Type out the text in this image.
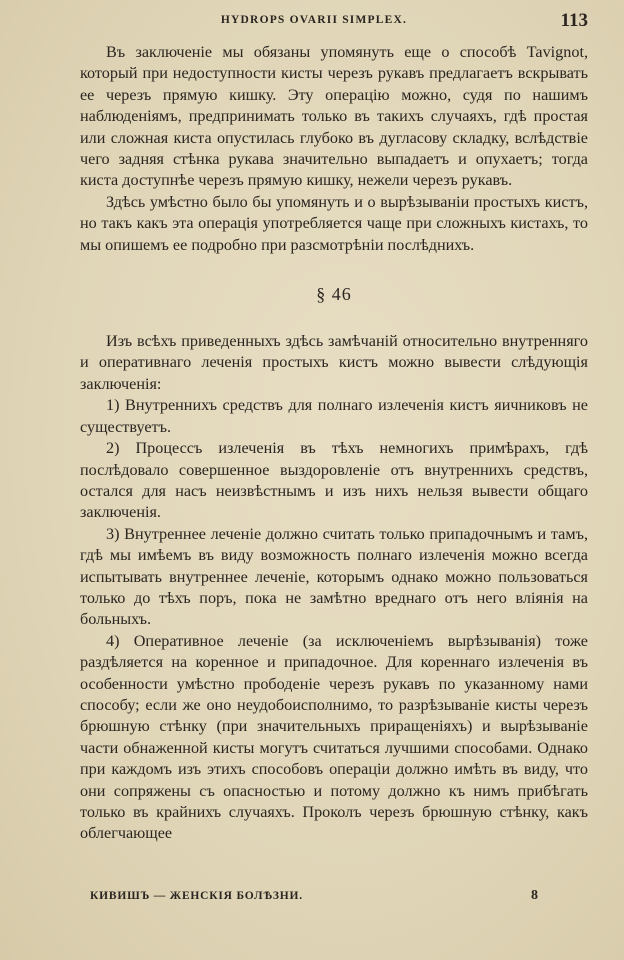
HYDROPS OVARII SIMPLEX.	113

Въ заключеніе мы обязаны упомянуть еще о способѣ Tavignot, который при недоступности кисты черезъ рукавъ предлагаетъ вскрывать ее черезъ прямую кишку. Эту операцію можно, судя по нашимъ наблюденіямъ, предпринимать только въ такихъ случаяхъ, гдѣ простая или сложная киста опустилась глубоко въ дугласову складку, вслѣдствіе чего задняя стѣнка рукава значительно выпадаетъ и опухаетъ; тогда киста доступнѣе черезъ прямую кишку, нежели черезъ рукавъ.

Здѣсь умѣстно было бы упомянуть и о вырѣзываніи простыхъ кистъ, но такъ какъ эта операція употребляется чаще при сложныхъ кистахъ, то мы опишемъ ее подробно при разсмотрѣніи послѣднихъ.

§ 46

Изъ всѣхъ приведенныхъ здѣсь замѣчаній относительно внутренняго и оперативнаго леченія простыхъ кистъ можно вывести слѣдующія заключенія:

1) Внутреннихъ средствъ для полнаго излеченія кистъ яичниковъ не существуетъ.

2) Процессъ излеченія въ тѣхъ немногихъ примѣрахъ, гдѣ послѣдовало совершенное выздоровленіе отъ внутреннихъ средствъ, остался для насъ неизвѣстнымъ и изъ нихъ нельзя вывести общаго заключенія.

3) Внутреннее леченіе должно считать только припадочнымъ и тамъ, гдѣ мы имѣемъ въ виду возможность полнаго излеченія можно всегда испытывать внутреннее леченіе, которымъ однако можно пользоваться только до тѣхъ поръ, пока не замѣтно вреднаго отъ него вліянія на больныхъ.

4) Оперативное леченіе (за исключеніемъ вырѣзыванія) тоже раздѣляется на коренное и припадочное. Для кореннаго излеченія въ особенности умѣстно прободеніе черезъ рукавъ по указанному нами способу; если же оно неудобоисполнимо, то разрѣзываніе кисты черезъ брюшную стѣнку (при значительныхъ приращеніяхъ) и вырѣзываніе части обнаженной кисты могутъ считаться лучшими способами. Однако при каждомъ изъ этихъ способовъ операціи должно имѣть въ виду, что они сопряжены съ опасностью и потому должно къ нимъ прибѣгать только въ крайнихъ случаяхъ. Проколъ черезъ брюшную стѣнку, какъ облегчающее

КИВИШЪ — ЖЕНСКІЯ БОЛѢЗНИ.	8
